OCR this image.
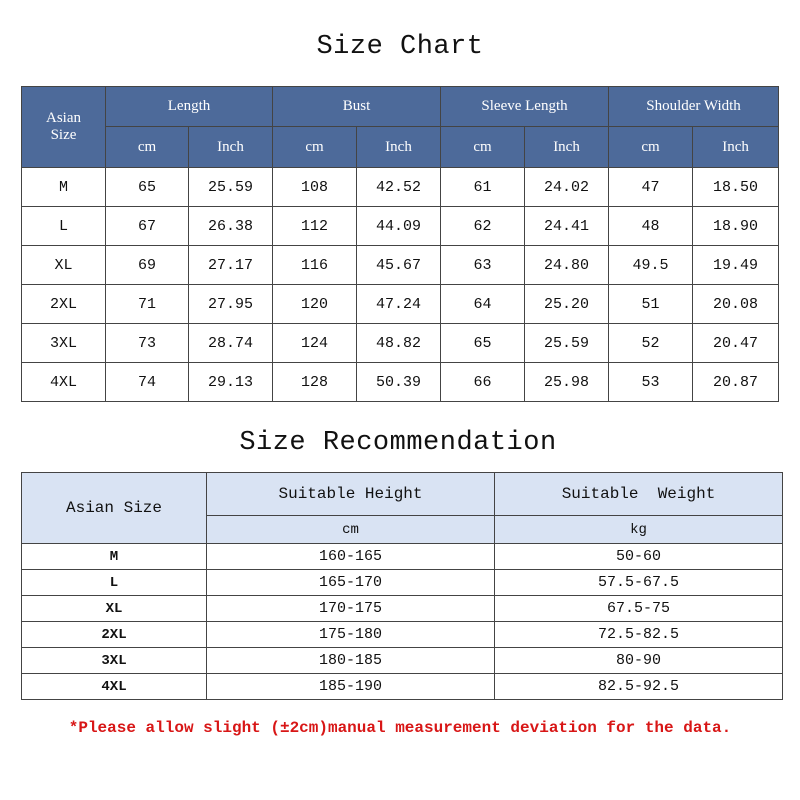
Size Chart
Asian
Size	Length		Bust		Sleeve Length		Shoulder Width	
	cm	Inch	cm	Inch	cm	Inch	cm	Inch
M	65	25.59	108	42.52	61	24.02	47	18.50
L	67	26.38	112	44.09	62	24.41	48	18.90
XL	69	27.17	116	45.67	63	24.80	49.5	19.49
2XL	71	27.95	120	47.24	64	25.20	51	20.08
3XL	73	28.74	124	48.82	65	25.59	52	20.47
4XL	74	29.13	128	50.39	66	25.98	53	20.87
Size Recommendation
Asian Size	Suitable Height	Suitable  Weight
	cm	kg
M	160-165	50-60
L	165-170	57.5-67.5
XL	170-175	67.5-75
2XL	175-180	72.5-82.5
3XL	180-185	80-90
4XL	185-190	82.5-92.5
*Please allow slight (±2cm)manual measurement deviation for the data.
